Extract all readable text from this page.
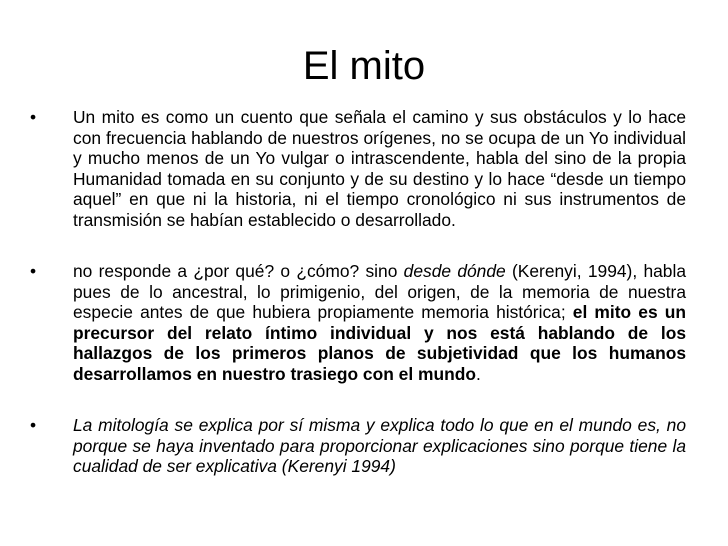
El mito
• Un mito es como un cuento que señala el camino y sus obstáculos y lo hace con frecuencia hablando de nuestros orígenes, no se ocupa de un Yo individual y mucho menos de un Yo vulgar o intrascendente, habla del sino de la propia Humanidad tomada en su conjunto y de su destino y lo hace “desde un tiempo aquel” en que ni la historia, ni el tiempo cronológico ni sus instrumentos de transmisión se habían establecido o desarrollado.
• no responde a ¿por qué? o ¿cómo? sino desde dónde (Kerenyi, 1994), habla pues de lo ancestral, lo primigenio, del origen, de la memoria de nuestra especie antes de que hubiera propiamente memoria histórica; el mito es un precursor del relato íntimo individual y nos está hablando de los hallazgos de los primeros planos de subjetividad que los humanos desarrollamos en nuestro trasiego con el mundo.
• La mitología se explica por sí misma y explica todo lo que en el mundo es, no porque se haya inventado para proporcionar explicaciones sino porque tiene la cualidad de ser explicativa (Kerenyi 1994)
